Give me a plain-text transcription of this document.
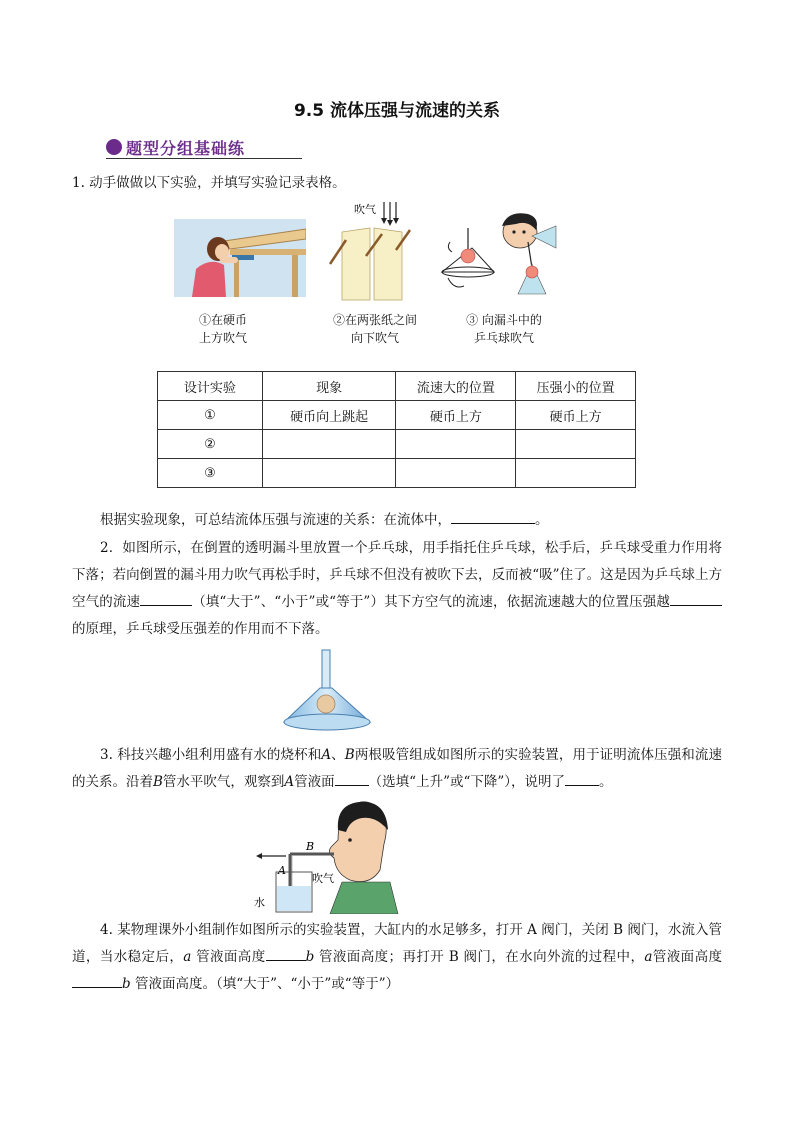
9.5 流体压强与流速的关系
题型分组基础练
1. 动手做做以下实验，并填写实验记录表格。
吹气
①在硬币
上方吹气
②在两张纸之间
向下吹气
③ 向漏斗中的
乒乓球吹气
设计实验	现象	流速大的位置	压强小的位置
①	硬币向上跳起	硬币上方	硬币上方
②			
③			
根据实验现象，可总结流体压强与流速的关系：在流体中，	。
2．如图所示，在倒置的透明漏斗里放置一个乒乓球，用手指托住乒乓球，松手后，乒乓球受重力作用将下落；若向倒置的漏斗用力吹气再松手时，乒乓球不但没有被吹下去，反而被“吸”住了。这是因为乒乓球上方空气的流速	（填“大于”、“小于”或“等于”）其下方空气的流速，依据流速越大的位置压强越的原理，乒乓球受压强差的作用而不下落。
3. 科技兴趣小组利用盛有水的烧杯和A、B两根吸管组成如图所示的实验装置，用于证明流体压强和流速的关系。沿着B管水平吹气，观察到A管液面	（选填“上升”或“下降”），说明了	。
B
A
吹气
水
4. 某物理课外小组制作如图所示的实验装置，大缸内的水足够多，打开 A 阀门，关闭 B 阀门，水流入管道，当水稳定后，a 管液面高度	b 管液面高度；再打开 B 阀门，在水向外流的过程中，a管液面高度b 管液面高度。（填“大于”、“小于”或“等于”）
